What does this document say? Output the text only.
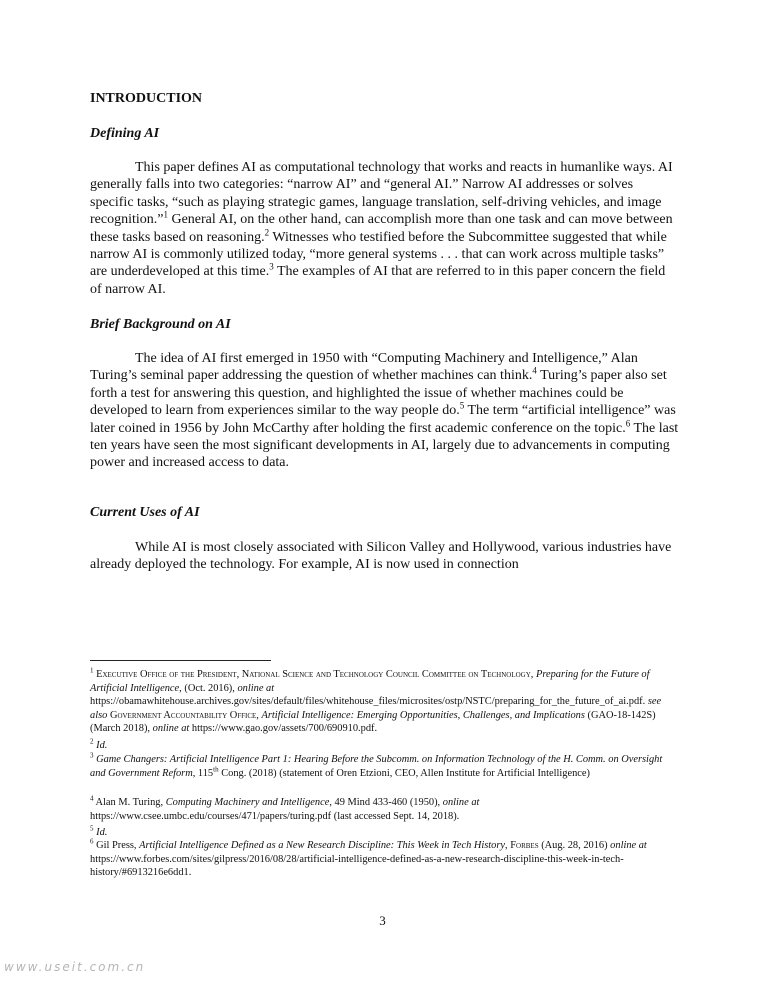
INTRODUCTION
Defining AI
This paper defines AI as computational technology that works and reacts in humanlike ways. AI generally falls into two categories: “narrow AI” and “general AI.” Narrow AI addresses or solves specific tasks, “such as playing strategic games, language translation, self-driving vehicles, and image recognition.”$^1$ General AI, on the other hand, can accomplish more than one task and can move between these tasks based on reasoning.$^2$ Witnesses who testified before the Subcommittee suggested that while narrow AI is commonly utilized today, “more general systems . . . that can work across multiple tasks” are underdeveloped at this time.$^3$ The examples of AI that are referred to in this paper concern the field of narrow AI.
Brief Background on AI
The idea of AI first emerged in 1950 with “Computing Machinery and Intelligence,” Alan Turing’s seminal paper addressing the question of whether machines can think.$^4$ Turing’s paper also set forth a test for answering this question, and highlighted the issue of whether machines could be developed to learn from experiences similar to the way people do.$^5$ The term “artificial intelligence” was later coined in 1956 by John McCarthy after holding the first academic conference on the topic.$^6$ The last ten years have seen the most significant developments in AI, largely due to advancements in computing power and increased access to data.
Current Uses of AI
While AI is most closely associated with Silicon Valley and Hollywood, various industries have already deployed the technology. For example, AI is now used in connection
$^1$ Executive Office of the President, National Science and Technology Council Committee on Technology, Preparing for the Future of Artificial Intelligence, (Oct. 2016), online at https://obamawhitehouse.archives.gov/sites/default/files/whitehouse_files/microsites/ostp/NSTC/preparing_for_the_future_of_ai.pdf. see also Government Accountability Office, Artificial Intelligence: Emerging Opportunities, Challenges, and Implications (GAO-18-142S) (March 2018), online at https://www.gao.gov/assets/700/690910.pdf.
$^2$ Id.
$^3$ Game Changers: Artificial Intelligence Part 1: Hearing Before the Subcomm. on Information Technology of the H. Comm. on Oversight and Government Reform, 115th Cong. (2018) (statement of Oren Etzioni, CEO, Allen Institute for Artificial Intelligence)
$^4$ Alan M. Turing, Computing Machinery and Intelligence, 49 Mind 433-460 (1950), online at https://www.csee.umbc.edu/courses/471/papers/turing.pdf (last accessed Sept. 14, 2018).
$^5$ Id.
$^6$ Gil Press, Artificial Intelligence Defined as a New Research Discipline: This Week in Tech History, Forbes (Aug. 28, 2016) online at https://www.forbes.com/sites/gilpress/2016/08/28/artificial-intelligence-defined-as-a-new-research-discipline-this-week-in-tech-history/#6913216e6dd1.
3
www.useit.com.cn
